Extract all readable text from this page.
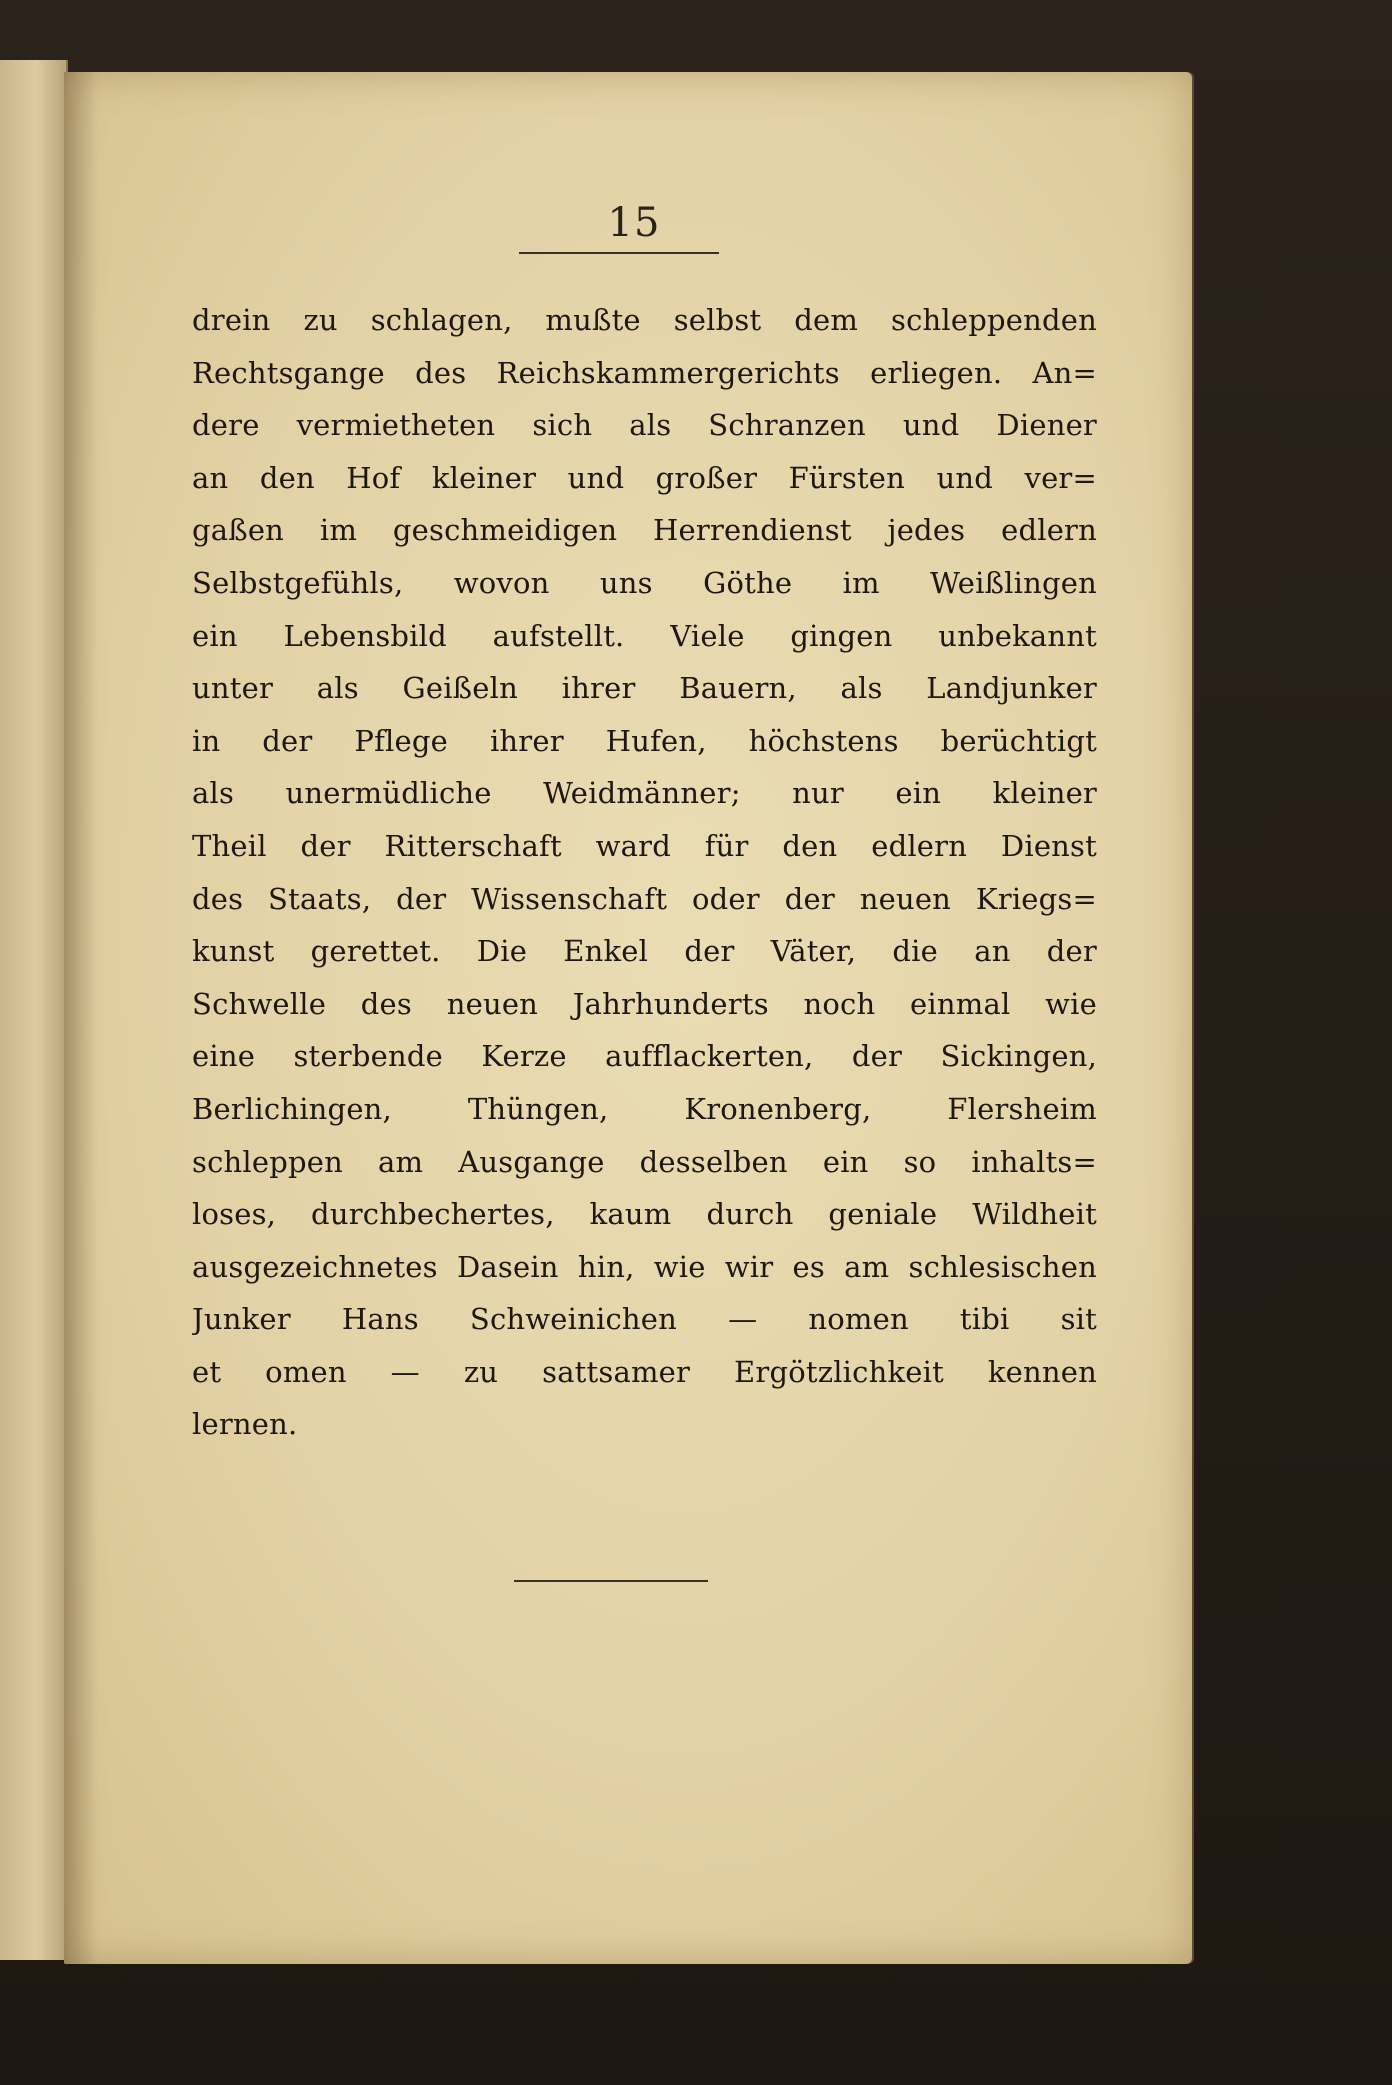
15
drein zu schlagen, mußte selbst dem schleppenden
Rechtsgange des Reichskammergerichts erliegen. An=
dere vermietheten sich als Schranzen und Diener
an den Hof kleiner und großer Fürsten und ver=
gaßen im geschmeidigen Herrendienst jedes edlern
Selbstgefühls, wovon uns Göthe im Weißlingen
ein Lebensbild aufstellt. Viele gingen unbekannt
unter als Geißeln ihrer Bauern, als Landjunker
in der Pflege ihrer Hufen, höchstens berüchtigt
als unermüdliche Weidmänner; nur ein kleiner
Theil der Ritterschaft ward für den edlern Dienst
des Staats, der Wissenschaft oder der neuen Kriegs=
kunst gerettet. Die Enkel der Väter, die an der
Schwelle des neuen Jahrhunderts noch einmal wie
eine sterbende Kerze aufflackerten, der Sickingen,
Berlichingen, Thüngen, Kronenberg, Flersheim
schleppen am Ausgange desselben ein so inhalts=
loses, durchbechertes, kaum durch geniale Wildheit
ausgezeichnetes Dasein hin, wie wir es am schlesischen
Junker Hans Schweinichen — nomen tibi sit
et omen — zu sattsamer Ergötzlichkeit kennen
lernen.
